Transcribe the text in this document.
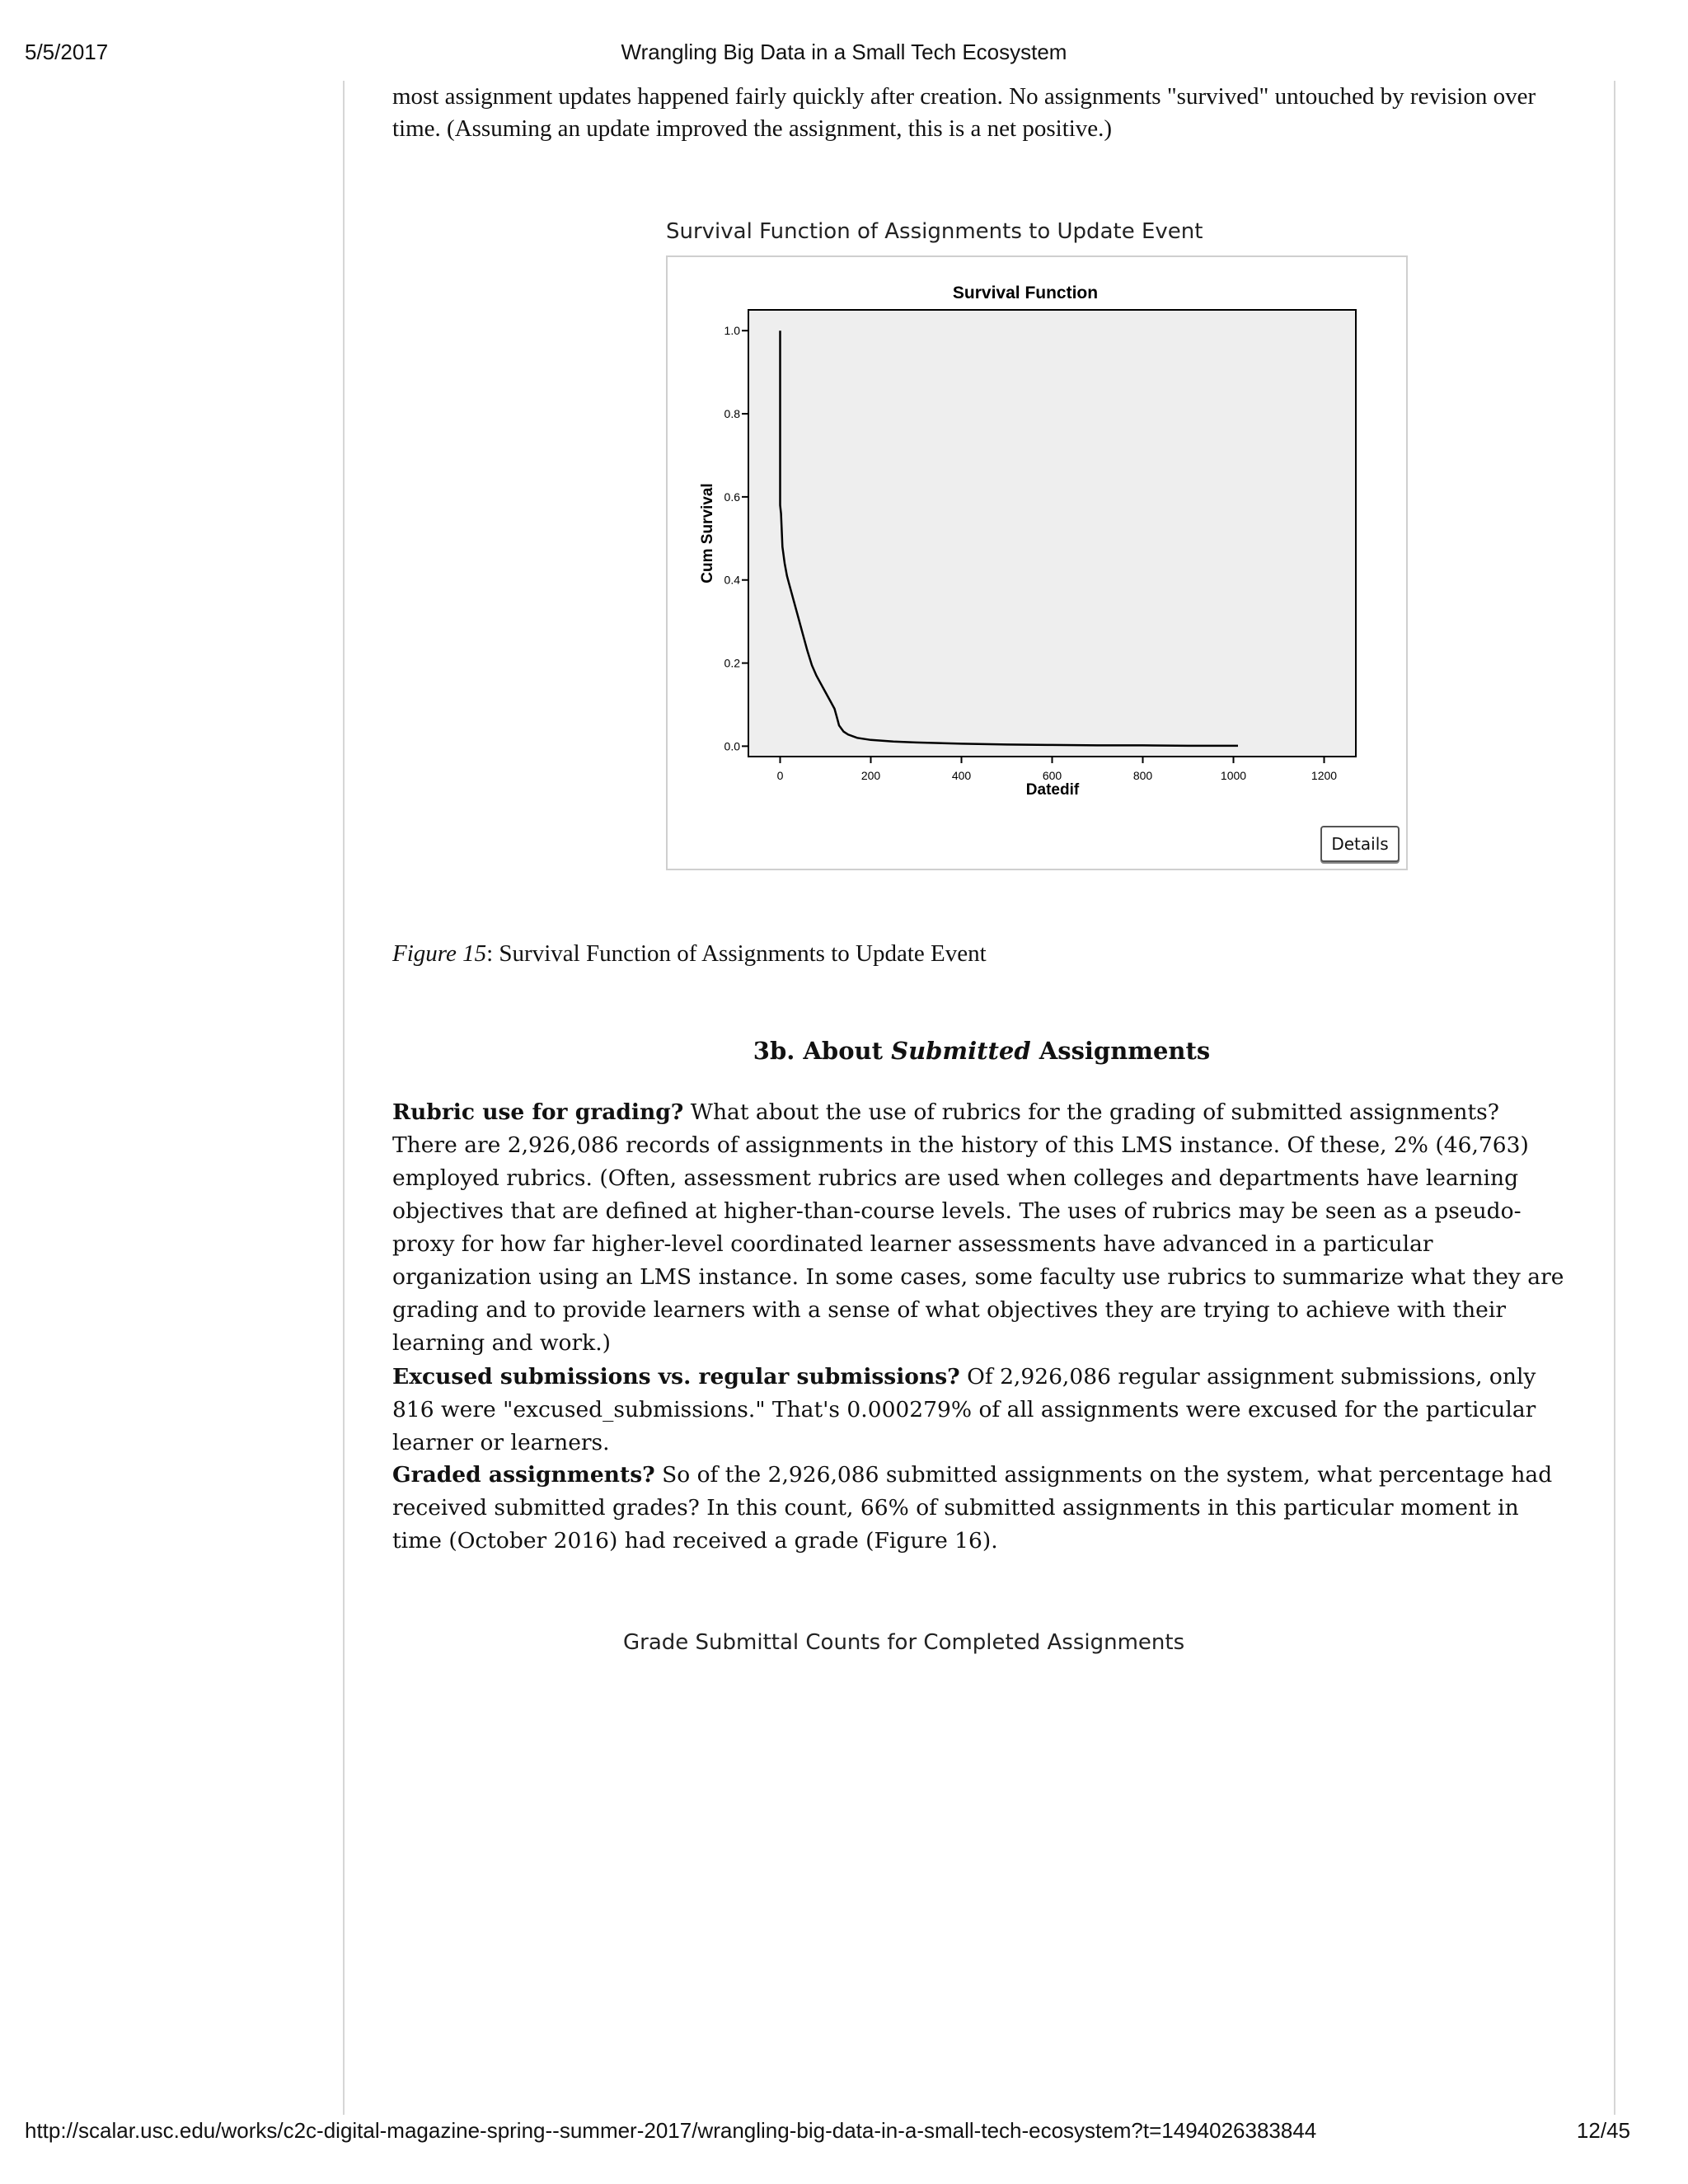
5/5/2017	Wrangling Big Data in a Small Tech Ecosystem

most assignment updates happened fairly quickly after creation. No assignments "survived" untouched by revision over time. (Assuming an update improved the assignment, this is a net positive.)

Survival Function of Assignments to Update Event
Survival Function
0.0
0.2
0.4
0.6
0.8
1.0
0	200	400	600	800	1000	1200
Datedif
Cum Survival
Details

Figure 15: Survival Function of Assignments to Update Event

3b. About Submitted Assignments

Rubric use for grading? What about the use of rubrics for the grading of submitted assignments? There are 2,926,086 records of assignments in the history of this LMS instance. Of these, 2% (46,763) employed rubrics. (Often, assessment rubrics are used when colleges and departments have learning objectives that are defined at higher-than-course levels. The uses of rubrics may be seen as a pseudo-proxy for how far higher-level coordinated learner assessments have advanced in a particular organization using an LMS instance. In some cases, some faculty use rubrics to summarize what they are grading and to provide learners with a sense of what objectives they are trying to achieve with their learning and work.)

Excused submissions vs. regular submissions? Of 2,926,086 regular assignment submissions, only 816 were "excused_submissions." That's 0.000279% of all assignments were excused for the particular learner or learners.

Graded assignments? So of the 2,926,086 submitted assignments on the system, what percentage had received submitted grades? In this count, 66% of submitted assignments in this particular moment in time (October 2016) had received a grade (Figure 16).

Grade Submittal Counts for Completed Assignments
http://scalar.usc.edu/works/c2c-digital-magazine-spring--summer-2017/wrangling-big-data-in-a-small-tech-ecosystem?t=1494026383844	12/45
